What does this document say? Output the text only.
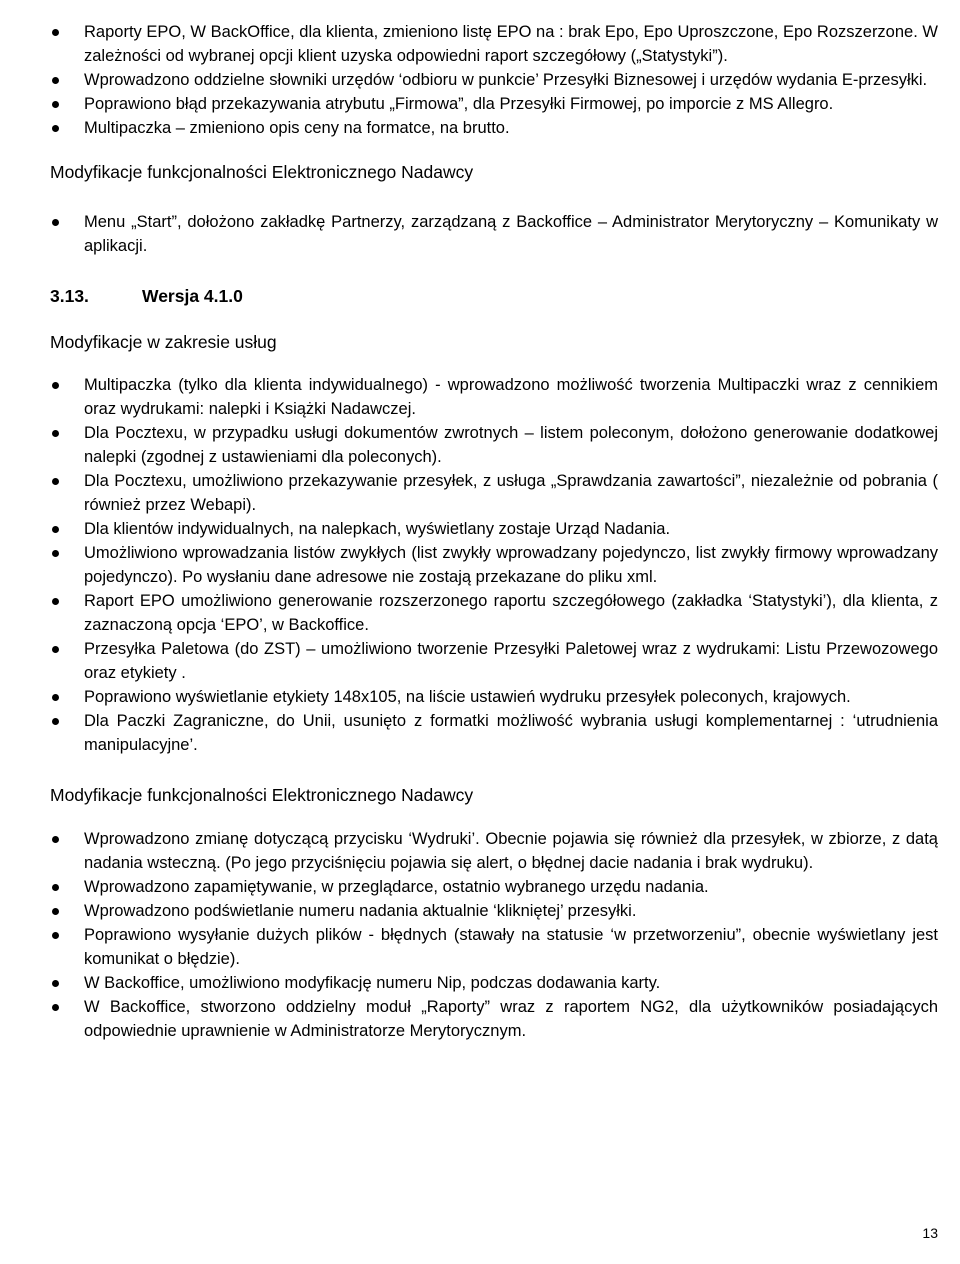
Raporty EPO, W BackOffice, dla klienta, zmieniono listę EPO na : brak Epo, Epo Uproszczone, Epo Rozszerzone. W zależności od wybranej opcji klient uzyska odpowiedni raport szczegółowy („Statystyki”).
Wprowadzono oddzielne słowniki urzędów ‘odbioru w punkcie’ Przesyłki Biznesowej i urzędów wydania E-przesyłki.
Poprawiono błąd przekazywania atrybutu „Firmowa”, dla Przesyłki Firmowej, po imporcie z MS Allegro.
Multipaczka – zmieniono opis ceny na formatce, na brutto.
Modyfikacje funkcjonalności Elektronicznego Nadawcy
Menu „Start”, dołożono zakładkę Partnerzy, zarządzaną z Backoffice – Administrator Merytoryczny – Komunikaty w aplikacji.
3.13.	Wersja 4.1.0
Modyfikacje w zakresie usług
Multipaczka (tylko dla klienta indywidualnego) - wprowadzono możliwość tworzenia Multipaczki wraz z cennikiem oraz wydrukami: nalepki i Książki Nadawczej.
Dla Pocztexu, w przypadku usługi dokumentów zwrotnych – listem poleconym, dołożono generowanie dodatkowej nalepki (zgodnej z ustawieniami dla poleconych).
Dla Pocztexu, umożliwiono przekazywanie przesyłek, z usługa „Sprawdzania zawartości”, niezależnie od pobrania ( również przez Webapi).
Dla klientów indywidualnych, na nalepkach, wyświetlany zostaje Urząd Nadania.
Umożliwiono wprowadzania listów zwykłych (list zwykły wprowadzany pojedynczo, list zwykły firmowy wprowadzany pojedynczo). Po wysłaniu dane adresowe nie zostają przekazane do pliku xml.
Raport EPO umożliwiono generowanie rozszerzonego raportu szczegółowego (zakładka ‘Statystyki’), dla klienta, z zaznaczoną opcja ‘EPO’, w Backoffice.
Przesyłka Paletowa (do ZST) – umożliwiono tworzenie Przesyłki Paletowej wraz z wydrukami: Listu Przewozowego oraz etykiety .
Poprawiono wyświetlanie etykiety 148x105, na liście ustawień wydruku przesyłek poleconych, krajowych.
Dla Paczki Zagraniczne, do Unii, usunięto z formatki możliwość wybrania usługi komplementarnej : ‘utrudnienia manipulacyjne’.
Modyfikacje funkcjonalności Elektronicznego Nadawcy
Wprowadzono zmianę dotyczącą przycisku ‘Wydruki’. Obecnie pojawia się również dla przesyłek, w zbiorze, z datą nadania wsteczną. (Po jego przyciśnięciu pojawia się alert, o błędnej dacie nadania i brak wydruku).
Wprowadzono zapamiętywanie, w przeglądarce, ostatnio wybranego urzędu nadania.
Wprowadzono podświetlanie numeru nadania aktualnie ‘klikniętej’ przesyłki.
Poprawiono wysyłanie dużych plików - błędnych (stawały na statusie ‘w przetworzeniu”, obecnie wyświetlany jest komunikat o błędzie).
W Backoffice, umożliwiono modyfikację numeru Nip, podczas dodawania karty.
W Backoffice, stworzono oddzielny moduł „Raporty” wraz z raportem NG2, dla użytkowników posiadających odpowiednie uprawnienie w Administratorze Merytorycznym.
13
